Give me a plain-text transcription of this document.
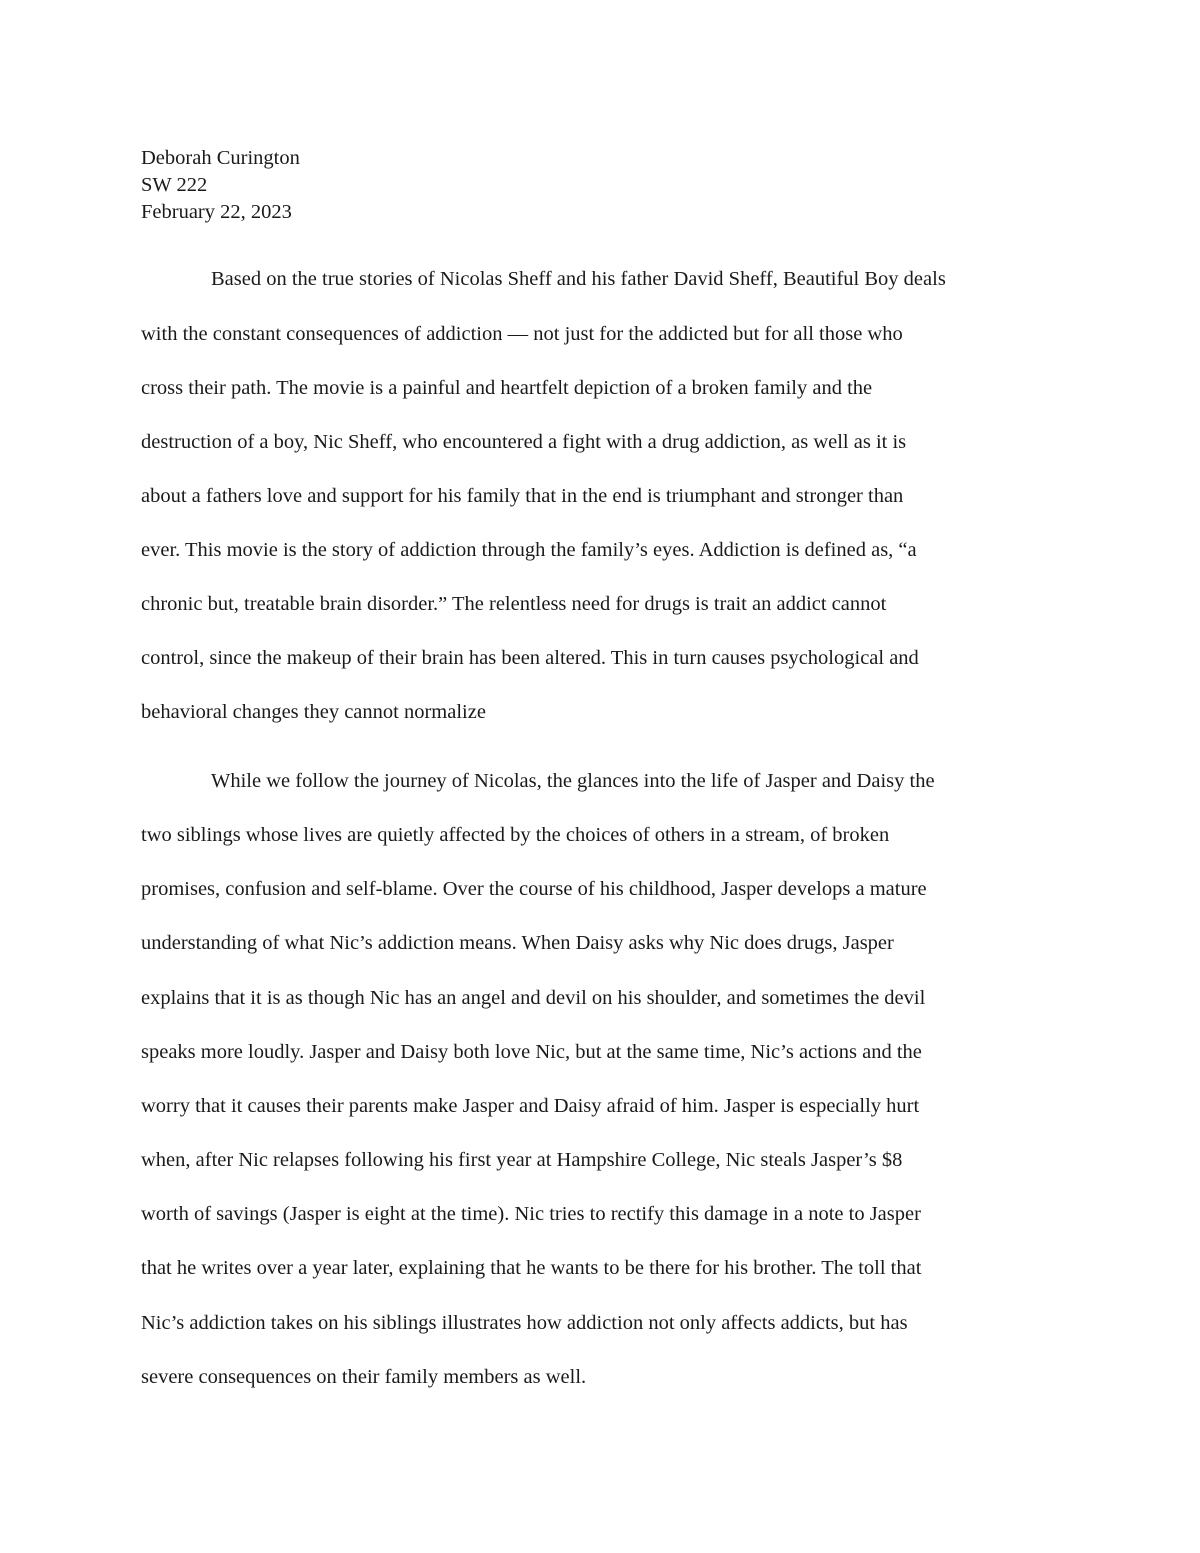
Deborah Curington
SW 222
February 22, 2023
Based on the true stories of Nicolas Sheff and his father David Sheff, Beautiful Boy deals
with the constant consequences of addiction — not just for the addicted but for all those who
cross their path. The movie is a painful and heartfelt depiction of a broken family and the
destruction of a boy, Nic Sheff, who encountered a fight with a drug addiction, as well as it is
about a fathers love and support for his family that in the end is triumphant and stronger than
ever. This movie is the story of addiction through the family’s eyes. Addiction is defined as, “a
chronic but, treatable brain disorder.” The relentless need for drugs is trait an addict cannot
control, since the makeup of their brain has been altered. This in turn causes psychological and
behavioral changes they cannot normalize
While we follow the journey of Nicolas, the glances into the life of Jasper and Daisy the
two siblings whose lives are quietly affected by the choices of others in a stream, of broken
promises, confusion and self-blame. Over the course of his childhood, Jasper develops a mature
understanding of what Nic’s addiction means. When Daisy asks why Nic does drugs, Jasper
explains that it is as though Nic has an angel and devil on his shoulder, and sometimes the devil
speaks more loudly. Jasper and Daisy both love Nic, but at the same time, Nic’s actions and the
worry that it causes their parents make Jasper and Daisy afraid of him. Jasper is especially hurt
when, after Nic relapses following his first year at Hampshire College, Nic steals Jasper’s $8
worth of savings (Jasper is eight at the time). Nic tries to rectify this damage in a note to Jasper
that he writes over a year later, explaining that he wants to be there for his brother. The toll that
Nic’s addiction takes on his siblings illustrates how addiction not only affects addicts, but has
severe consequences on their family members as well.
